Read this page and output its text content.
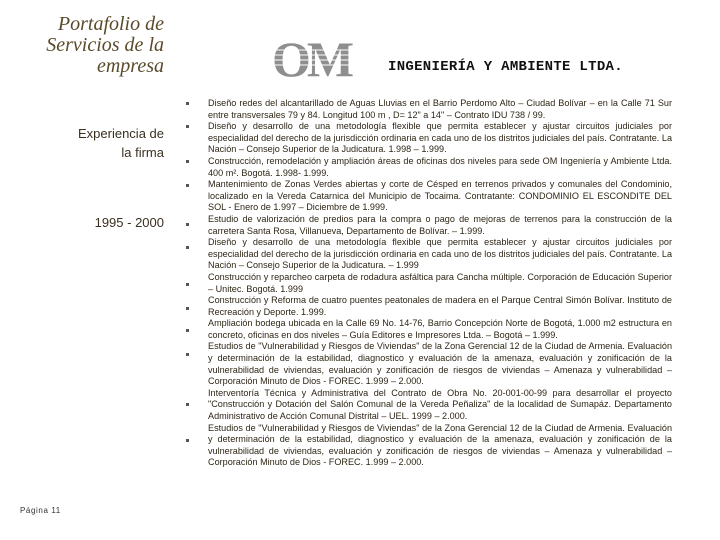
Portafolio de
Servicios de la
empresa OM	INGENIERÍA Y AMBIENTE LTDA.
Experiencia de
la firma
1995 - 2000

Diseño redes del alcantarillado de Aguas Lluvias en el Barrio Perdomo Alto – Ciudad Bolívar – en la Calle 71 Sur entre transversales 79 y 84. Longitud 100 m , D= 12" a 14" – Contrato IDU 738 / 99.

Diseño y desarrollo de una metodología flexible que permita establecer y ajustar circuitos judiciales por especialidad del derecho de la jurisdicción ordinaria en cada uno de los distritos judiciales del país. Contratante. La Nación – Consejo Superior de la Judicatura. 1.998 – 1.999.

Construcción, remodelación y ampliación áreas de oficinas dos niveles para sede OM Ingeniería y Ambiente Ltda. 400 m². Bogotá. 1.998- 1.999.

Mantenimiento de Zonas Verdes abiertas y corte de Césped en terrenos privados y comunales del Condominio, localizado en la Vereda Catarnica del Municipio de Tocaima. Contratante: CONDOMINIO EL ESCONDITE DEL SOL - Enero de 1.997 – Diciembre de 1.999.

Estudio de valorización de predios para la compra o pago de mejoras de terrenos para la construcción de la carretera Santa Rosa, Villanueva, Departamento de Bolívar. – 1.999.

Diseño y desarrollo de una metodología flexible que permita establecer y ajustar circuitos judiciales por especialidad del derecho de la jurisdicción ordinaria en cada uno de los distritos judiciales del país. Contratante. La Nación – Consejo Superior de la Judicatura. – 1.999

Construcción y reparcheo carpeta de rodadura asfáltica para Cancha múltiple. Corporación de Educación Superior – Unitec. Bogotá. 1.999

Construcción y Reforma de cuatro puentes peatonales de madera en el Parque Central Simón Bolívar. Instituto de Recreación y Deporte. 1.999.

Ampliación bodega ubicada en la Calle 69 No. 14-76, Barrio Concepción Norte de Bogotá, 1.000 m2 estructura en concreto, oficinas en dos niveles – Guía Editores e Impresores Ltda. – Bogotá – 1.999.

Estudios de "Vulnerabilidad y Riesgos de Viviendas" de la Zona Gerencial 12 de la Ciudad de Armenia. Evaluación y determinación de la estabilidad, diagnostico y evaluación de la amenaza, evaluación y zonificación de la vulnerabilidad de viviendas, evaluación y zonificación de riesgos de viviendas – Amenaza y vulnerabilidad – Corporación Minuto de Dios - FOREC. 1.999 – 2.000.

Interventoría Técnica y Administrativa del Contrato de Obra No. 20-001-00-99 para desarrollar el proyecto "Construcción y Dotación del Salón Comunal de la Vereda Peñaliza" de la localidad de Sumapáz. Departamento Administrativo de Acción Comunal Distrital – UEL. 1999 – 2.000.

Estudios de "Vulnerabilidad y Riesgos de Viviendas" de la Zona Gerencial 12 de la Ciudad de Armenia. Evaluación y determinación de la estabilidad, diagnostico y evaluación de la amenaza, evaluación y zonificación de la vulnerabilidad de viviendas, evaluación y zonificación de riesgos de viviendas – Amenaza y vulnerabilidad – Corporación Minuto de Dios - FOREC. 1.999 – 2.000.

Página 11
